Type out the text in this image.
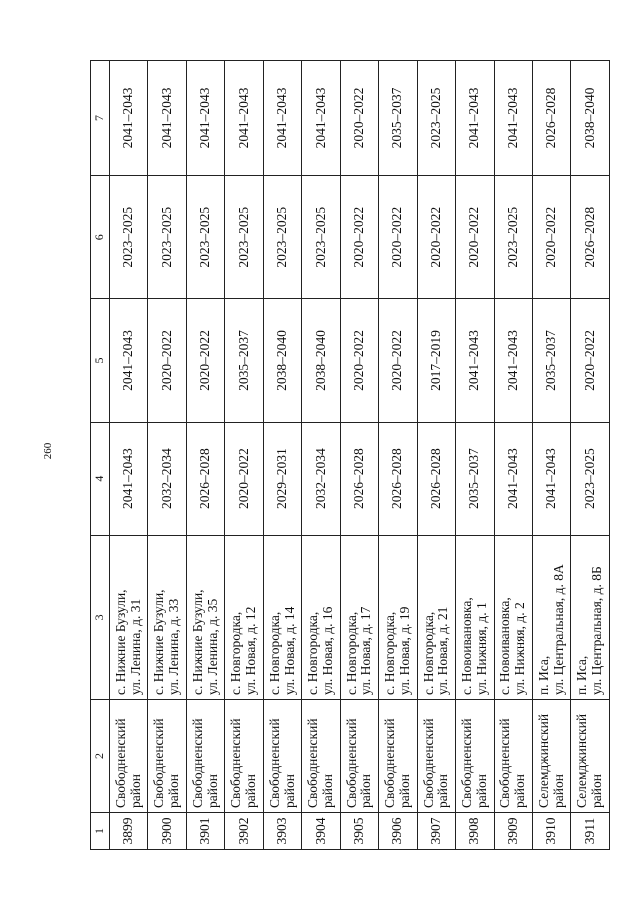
260
1	2	3	4	5	6	7
3899	Свободненский район	с. Нижние Бузули, ул. Ленина, д. 31	2041–2043	2041–2043	2023–2025	2041–2043
3900	Свободненский район	с. Нижние Бузули, ул. Ленина, д. 33	2032–2034	2020–2022	2023–2025	2041–2043
3901	Свободненский район	с. Нижние Бузули, ул. Ленина, д. 35	2026–2028	2020–2022	2023–2025	2041–2043
3902	Свободненский район	с. Новгородка, ул. Новая, д. 12	2020–2022	2035–2037	2023–2025	2041–2043
3903	Свободненский район	с. Новгородка, ул. Новая, д. 14	2029–2031	2038–2040	2023–2025	2041–2043
3904	Свободненский район	с. Новгородка, ул. Новая, д. 16	2032–2034	2038–2040	2023–2025	2041–2043
3905	Свободненский район	с. Новгородка, ул. Новая, д. 17	2026–2028	2020–2022	2020–2022	2020–2022
3906	Свободненский район	с. Новгородка, ул. Новая, д. 19	2026–2028	2020–2022	2020–2022	2035–2037
3907	Свободненский район	с. Новгородка, ул. Новая, д. 21	2026–2028	2017–2019	2020–2022	2023–2025
3908	Свободненский район	с. Новоивановка, ул. Нижняя, д. 1	2035–2037	2041–2043	2020–2022	2041–2043
3909	Свободненский район	с. Новоивановка, ул. Нижняя, д. 2	2041–2043	2041–2043	2023–2025	2041–2043
3910	Селемджинский район	п. Иса, ул. Центральная, д. 8А	2041–2043	2035–2037	2020–2022	2026–2028
3911	Селемджинский район	п. Иса, ул. Центральная, д. 8Б	2023–2025	2020–2022	2026–2028	2038–2040
